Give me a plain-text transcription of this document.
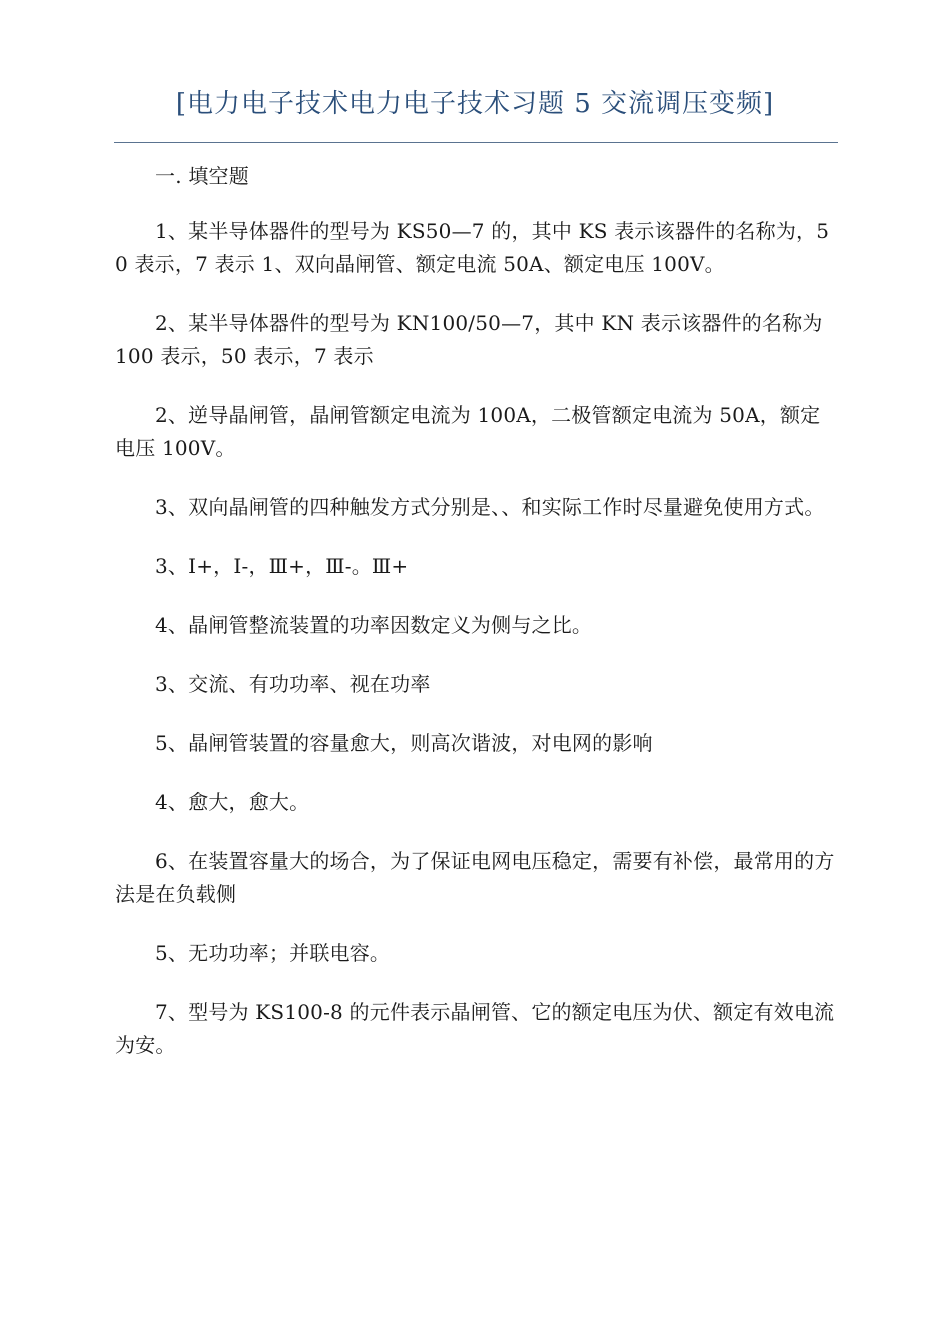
[电力电子技术电力电子技术习题 5 交流调压变频]

一. 填空题

1、某半导体器件的型号为 KS50—7 的，其中 KS 表示该器件的名称为，50 表示，7 表示 1、双向晶闸管、额定电流 50A、额定电压 100V。

2、某半导体器件的型号为 KN100/50—7，其中 KN 表示该器件的名称为 100 表示，50 表示，7 表示

2、逆导晶闸管，晶闸管额定电流为 100A，二极管额定电流为 50A，额定电压 100V。

3、双向晶闸管的四种触发方式分别是、、和实际工作时尽量避免使用方式。

3、Ⅰ+，Ⅰ-，Ⅲ+，Ⅲ-。Ⅲ+

4、晶闸管整流装置的功率因数定义为侧与之比。

3、交流、有功功率、视在功率

5、晶闸管装置的容量愈大，则高次谐波，对电网的影响

4、愈大，愈大。

6、在装置容量大的场合，为了保证电网电压稳定，需要有补偿，最常用的方法是在负载侧

5、无功功率；并联电容。

7、型号为 KS100-8 的元件表示晶闸管、它的额定电压为伏、额定有效电流为安。
